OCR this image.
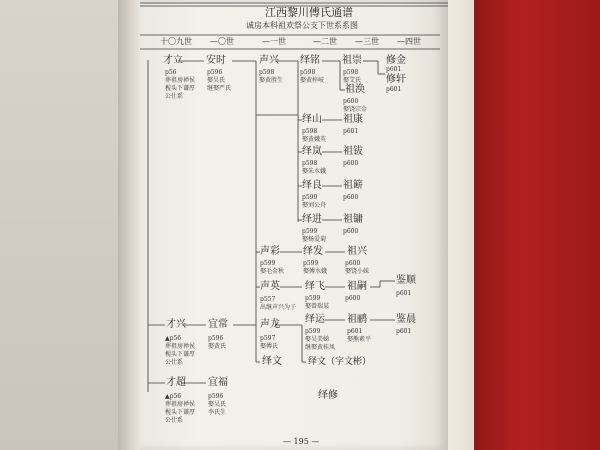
江西黎川傅氏通谱
诚房本科祖欢祭公支下世系系图
十〇九世 —〇世	—一世	—二世 —三世 —四世
才立
p56
葬祖房禅侯
枧头下谦厚
公仕系
安时
p596
娶吴氏
继娶严氏
声兴
p598
娶黄胜生
绎铭
p598
娶黄梓岐
祖崇
p598
娶艾氏
修金
p601
修轩
p601
祖涣
p600
娶饶宗金
绎山
p598
娶黄娥英
祖康
p601
绎岚
p598
娶朱水娥
祖钹
p600
绎良
p599
娶刘公舟
祖簖
p600
绎进
p599
娶杨爱菊
祖镛
p600
声彩
p599
娶毛金秋
绎发
p599
娶傅水娥
祖兴
p600
娶饶小妹
声英
p557
出继声兴为子
绎飞
p599
娶曾瑞某
祖嗣
p600
鉴顺
p601
才兴
▲p56
葬祖房禅侯
枧头下谦厚
公仕系
宜常
p596
娶黄氏
声龙
p597
娶傅氏
绎运
p599
娶吴美娣
继娶黄桂凤
祖鹂
p601
娶熊素平
鉴晨
p601
绎文（字文彬）
绎修
绎文
才超
▲p56
葬祖房禅侯
枧头下谦厚
公仕系
宜福
p596
娶吴氏
李氏生
— 195 —
